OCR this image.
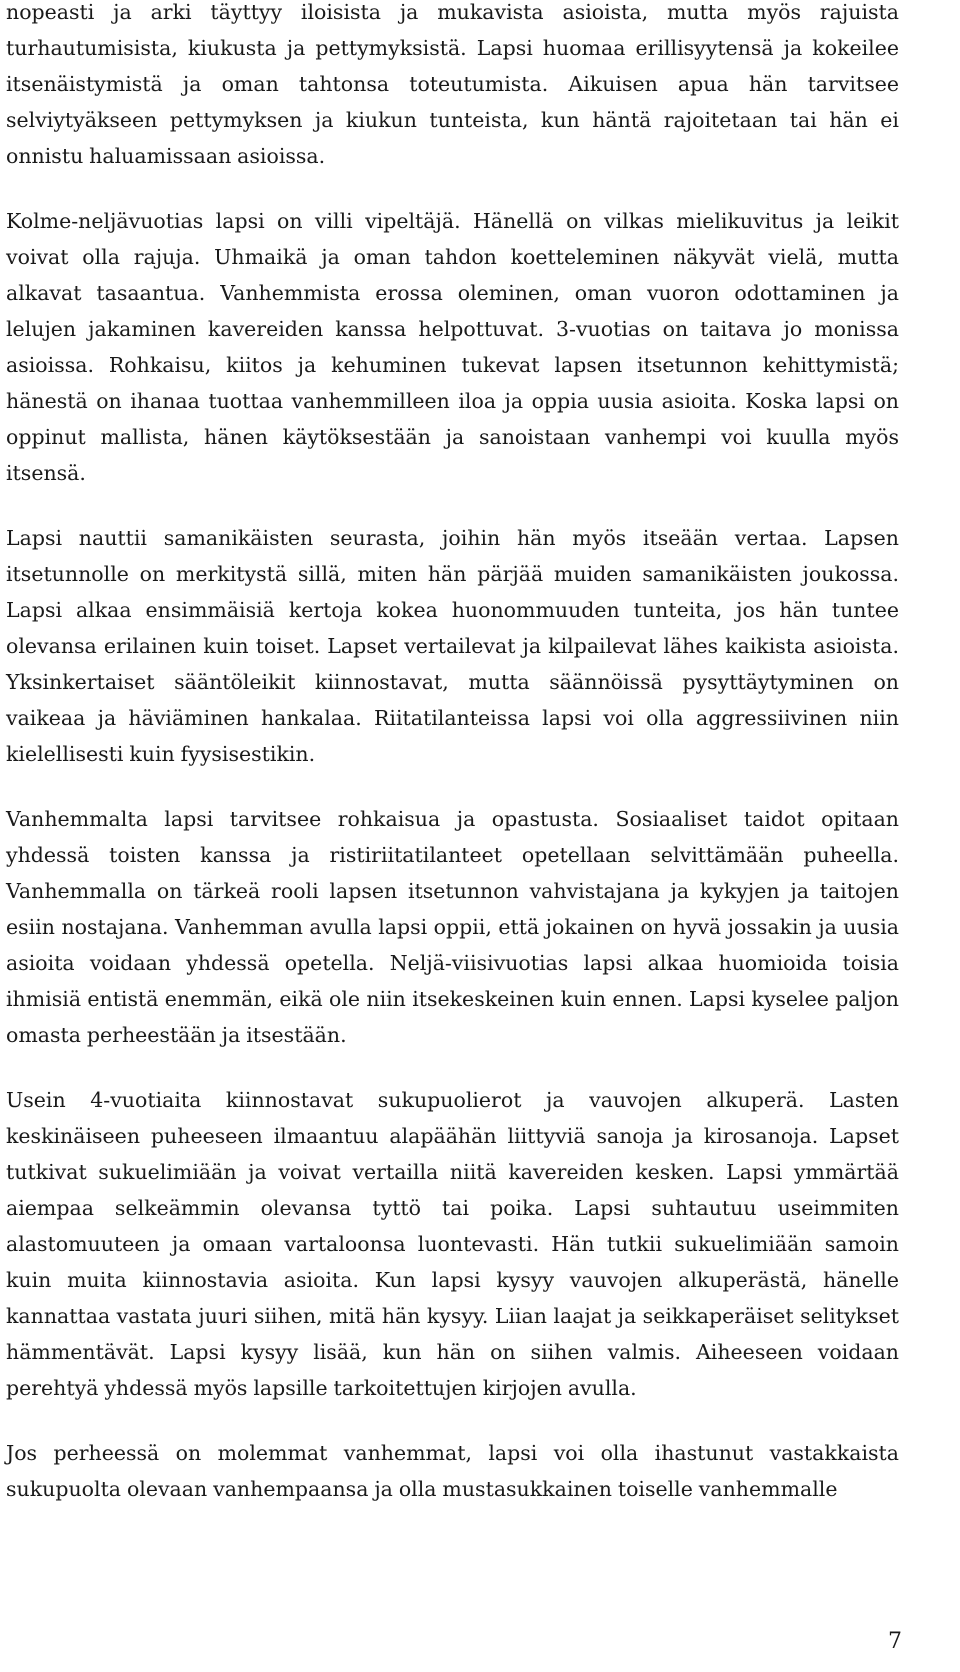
nopeasti ja arki täyttyy iloisista ja mukavista asioista, mutta myös rajuista turhautumisista, kiukusta ja pettymyksistä. Lapsi huomaa erillisyytensä ja kokeilee itsenäistymistä ja oman tahtonsa toteutumista. Aikuisen apua hän tarvitsee selviytyäkseen pettymyksen ja kiukun tunteista, kun häntä rajoitetaan tai hän ei onnistu haluamissaan asioissa.

Kolme-neljävuotias lapsi on villi vipeltäjä. Hänellä on vilkas mielikuvitus ja leikit voivat olla rajuja. Uhmaikä ja oman tahdon koetteleminen näkyvät vielä, mutta alkavat tasaantua. Vanhemmista erossa oleminen, oman vuoron odottaminen ja lelujen jakaminen kavereiden kanssa helpottuvat. 3-vuotias on taitava jo monissa asioissa. Rohkaisu, kiitos ja kehuminen tukevat lapsen itsetunnon kehittymistä; hänestä on ihanaa tuottaa vanhemmilleen iloa ja oppia uusia asioita. Koska lapsi on oppinut mallista, hänen käytöksestään ja sanoistaan vanhempi voi kuulla myös itsensä.

Lapsi nauttii samanikäisten seurasta, joihin hän myös itseään vertaa. Lapsen itsetunnolle on merkitystä sillä, miten hän pärjää muiden samanikäisten joukossa. Lapsi alkaa ensimmäisiä kertoja kokea huonommuuden tunteita, jos hän tuntee olevansa erilainen kuin toiset. Lapset vertailevat ja kilpailevat lähes kaikista asioista. Yksinkertaiset sääntöleikit kiinnostavat, mutta säännöissä pysyttäytyminen on vaikeaa ja häviäminen hankalaa. Riitatilanteissa lapsi voi olla aggressiivinen niin kielellisesti kuin fyysisestikin.

Vanhemmalta lapsi tarvitsee rohkaisua ja opastusta. Sosiaaliset taidot opitaan yhdessä toisten kanssa ja ristiriitatilanteet opetellaan selvittämään puheella. Vanhemmalla on tärkeä rooli lapsen itsetunnon vahvistajana ja kykyjen ja taitojen esiin nostajana. Vanhemman avulla lapsi oppii, että jokainen on hyvä jossakin ja uusia asioita voidaan yhdessä opetella. Neljä-viisivuotias lapsi alkaa huomioida toisia ihmisiä entistä enemmän, eikä ole niin itsekeskeinen kuin ennen. Lapsi kyselee paljon omasta perheestään ja itsestään.

Usein 4-vuotiaita kiinnostavat sukupuolierot ja vauvojen alkuperä. Lasten keskinäiseen puheeseen ilmaantuu alapäähän liittyviä sanoja ja kirosanoja. Lapset tutkivat sukuelimiään ja voivat vertailla niitä kavereiden kesken. Lapsi ymmärtää aiempaa selkeämmin olevansa tyttö tai poika. Lapsi suhtautuu useimmiten alastomuuteen ja omaan vartaloonsa luontevasti. Hän tutkii sukuelimiään samoin kuin muita kiinnostavia asioita. Kun lapsi kysyy vauvojen alkuperästä, hänelle kannattaa vastata juuri siihen, mitä hän kysyy. Liian laajat ja seikkaperäiset selitykset hämmentävät. Lapsi kysyy lisää, kun hän on siihen valmis. Aiheeseen voidaan perehtyä yhdessä myös lapsille tarkoitettujen kirjojen avulla.

Jos perheessä on molemmat vanhemmat, lapsi voi olla ihastunut vastakkaista sukupuolta olevaan vanhempaansa ja olla mustasukkainen toiselle vanhemmalle

7
